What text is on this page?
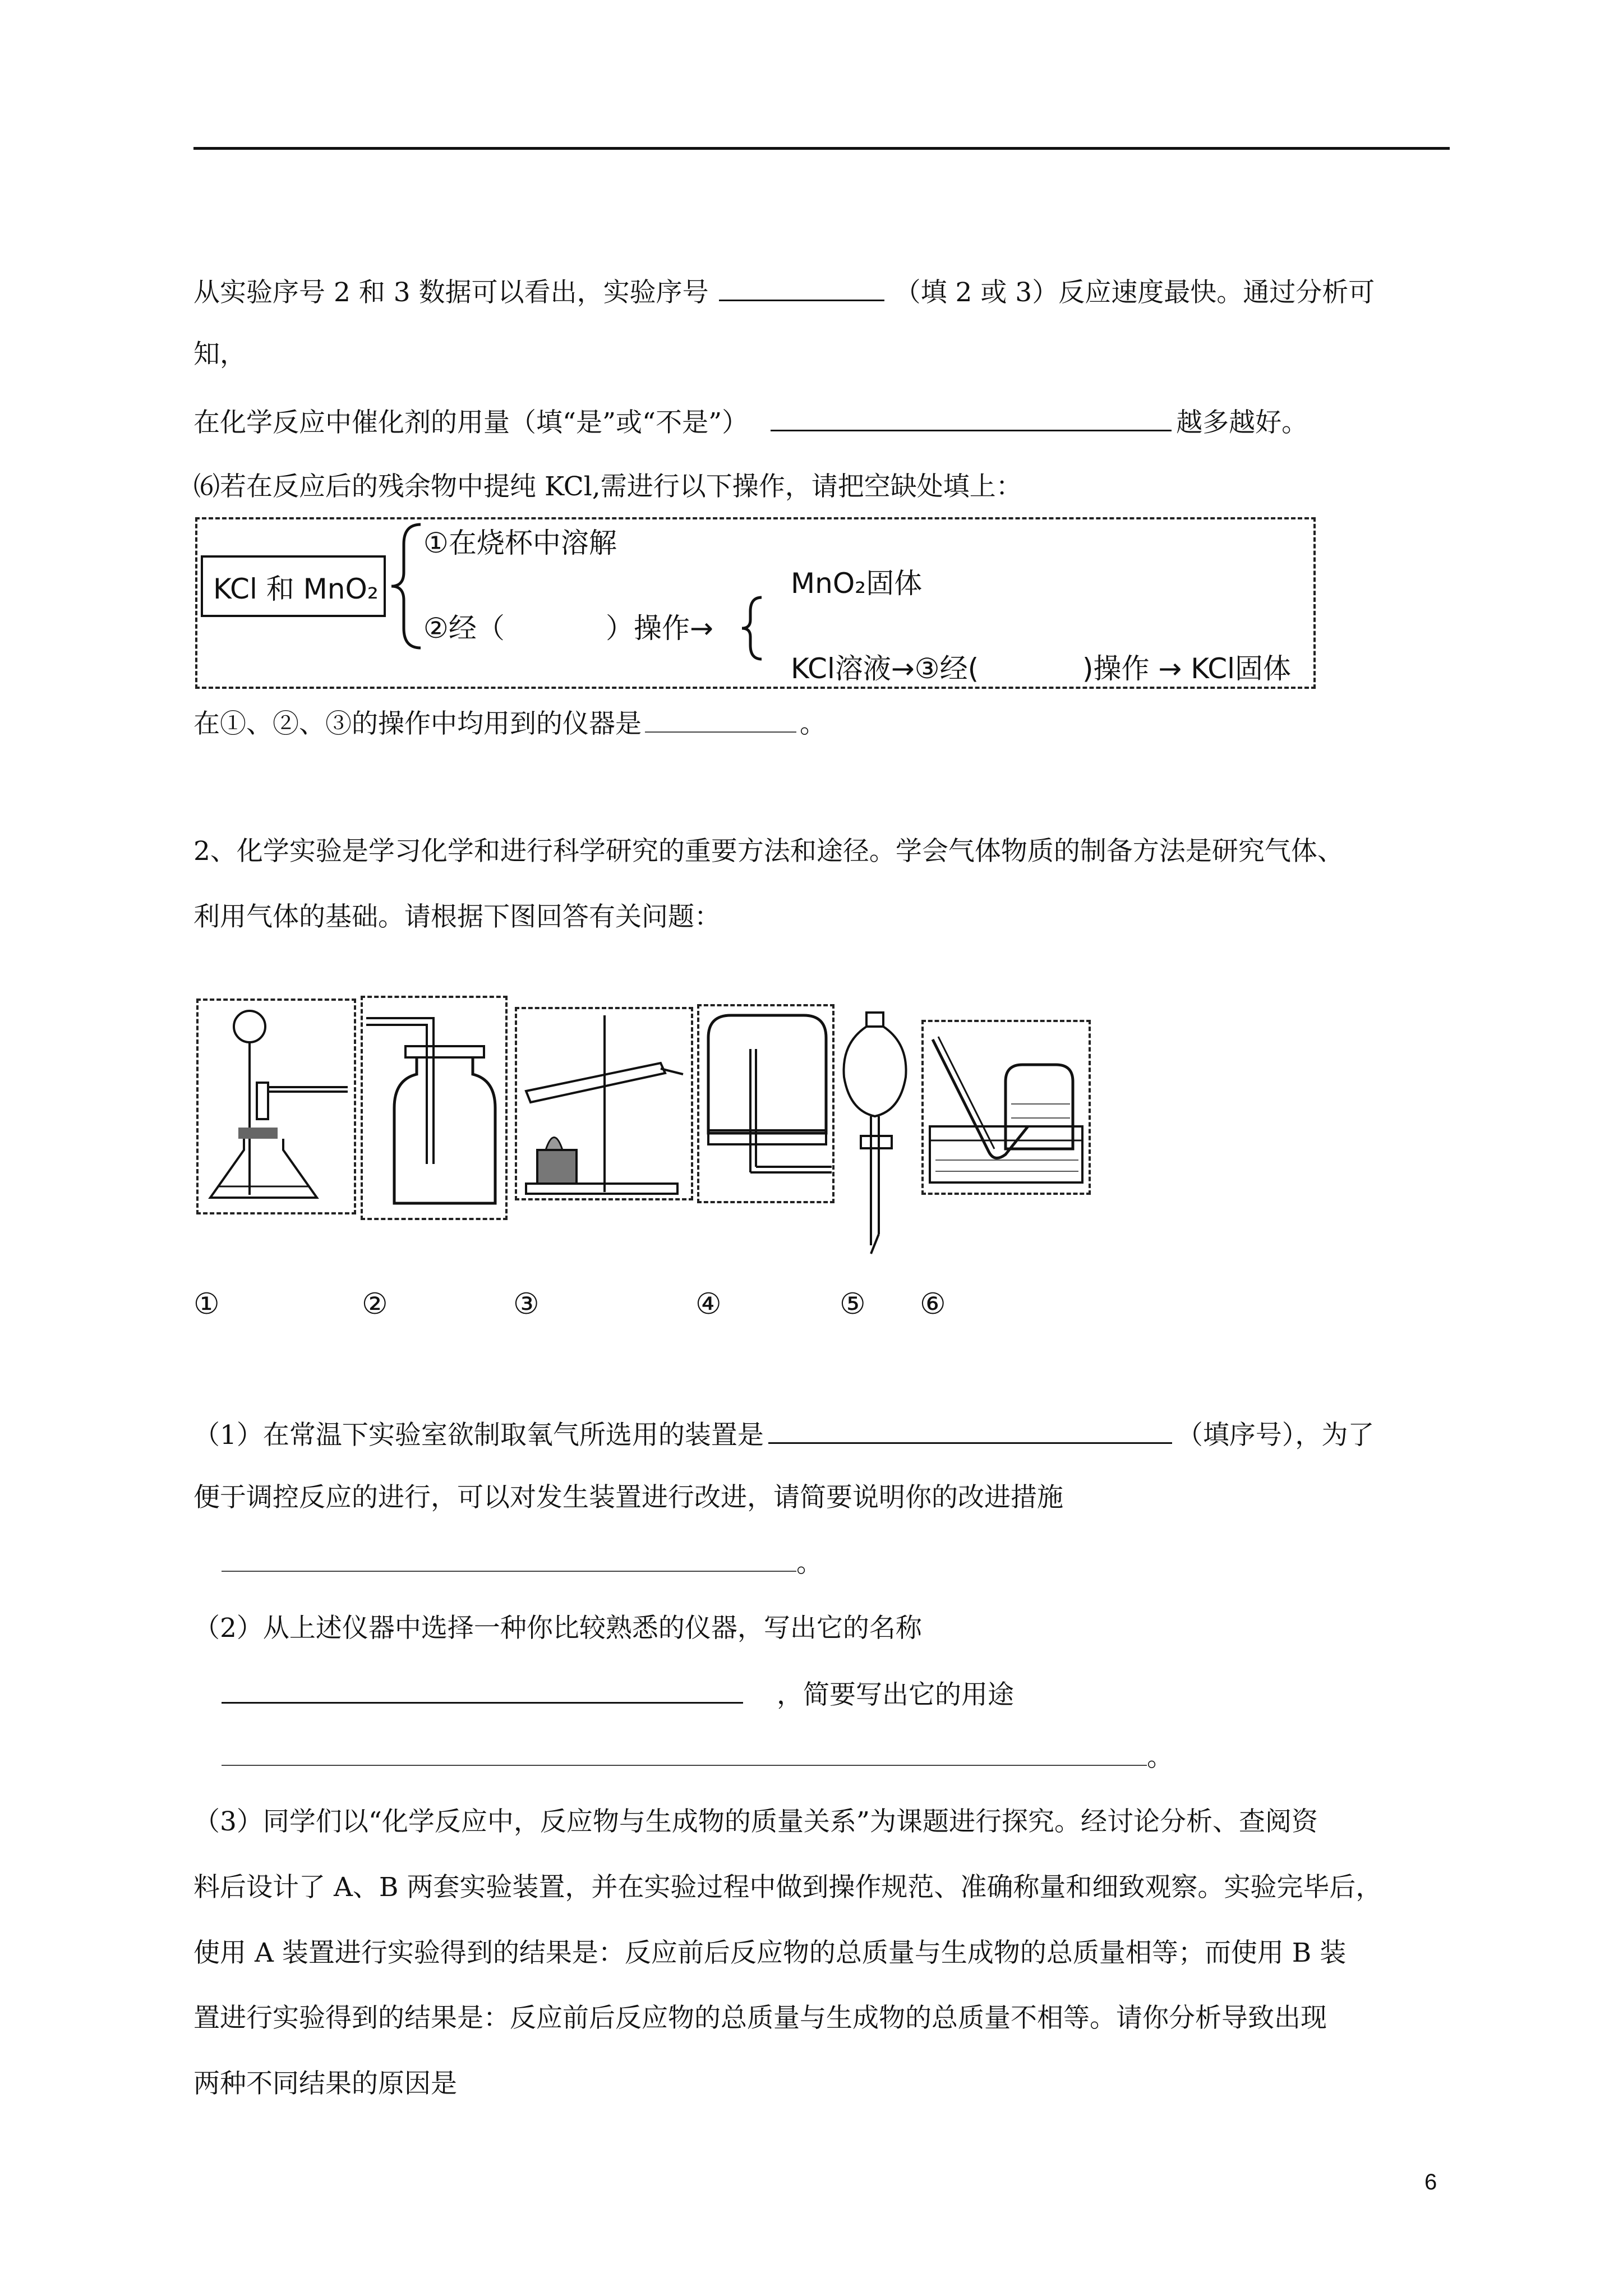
从实验序号 2 和 3 数据可以看出，实验序号	（填 2 或 3）反应速度最快。通过分析可
知，
在化学反应中催化剂的用量（填“是”或“不是”）	越多越好。
⑹若在反应后的残余物中提纯 KCl,需进行以下操作，请把空缺处填上：
KCl 和 MnO₂
①在烧杯中溶解
②经（	）操作→
MnO₂固体
KCl溶液→③经(	)操作 → KCl固体
在①、②、③的操作中均用到的仪器是	。
2、化学实验是学习化学和进行科学研究的重要方法和途径。学会气体物质的制备方法是研究气体、
利用气体的基础。请根据下图回答有关问题：
①	②	③	④	⑤ ⑥
（1）在常温下实验室欲制取氧气所选用的装置是	（填序号），为了
便于调控反应的进行，可以对发生装置进行改进，请简要说明你的改进措施
。
（2）从上述仪器中选择一种你比较熟悉的仪器，写出它的名称
，简要写出它的用途
。
（3）同学们以“化学反应中，反应物与生成物的质量关系”为课题进行探究。经讨论分析、查阅资
料后设计了 A、B 两套实验装置，并在实验过程中做到操作规范、准确称量和细致观察。实验完毕后，
使用 A 装置进行实验得到的结果是：反应前后反应物的总质量与生成物的总质量相等；而使用 B 装
置进行实验得到的结果是：反应前后反应物的总质量与生成物的总质量不相等。请你分析导致出现
两种不同结果的原因是
6
